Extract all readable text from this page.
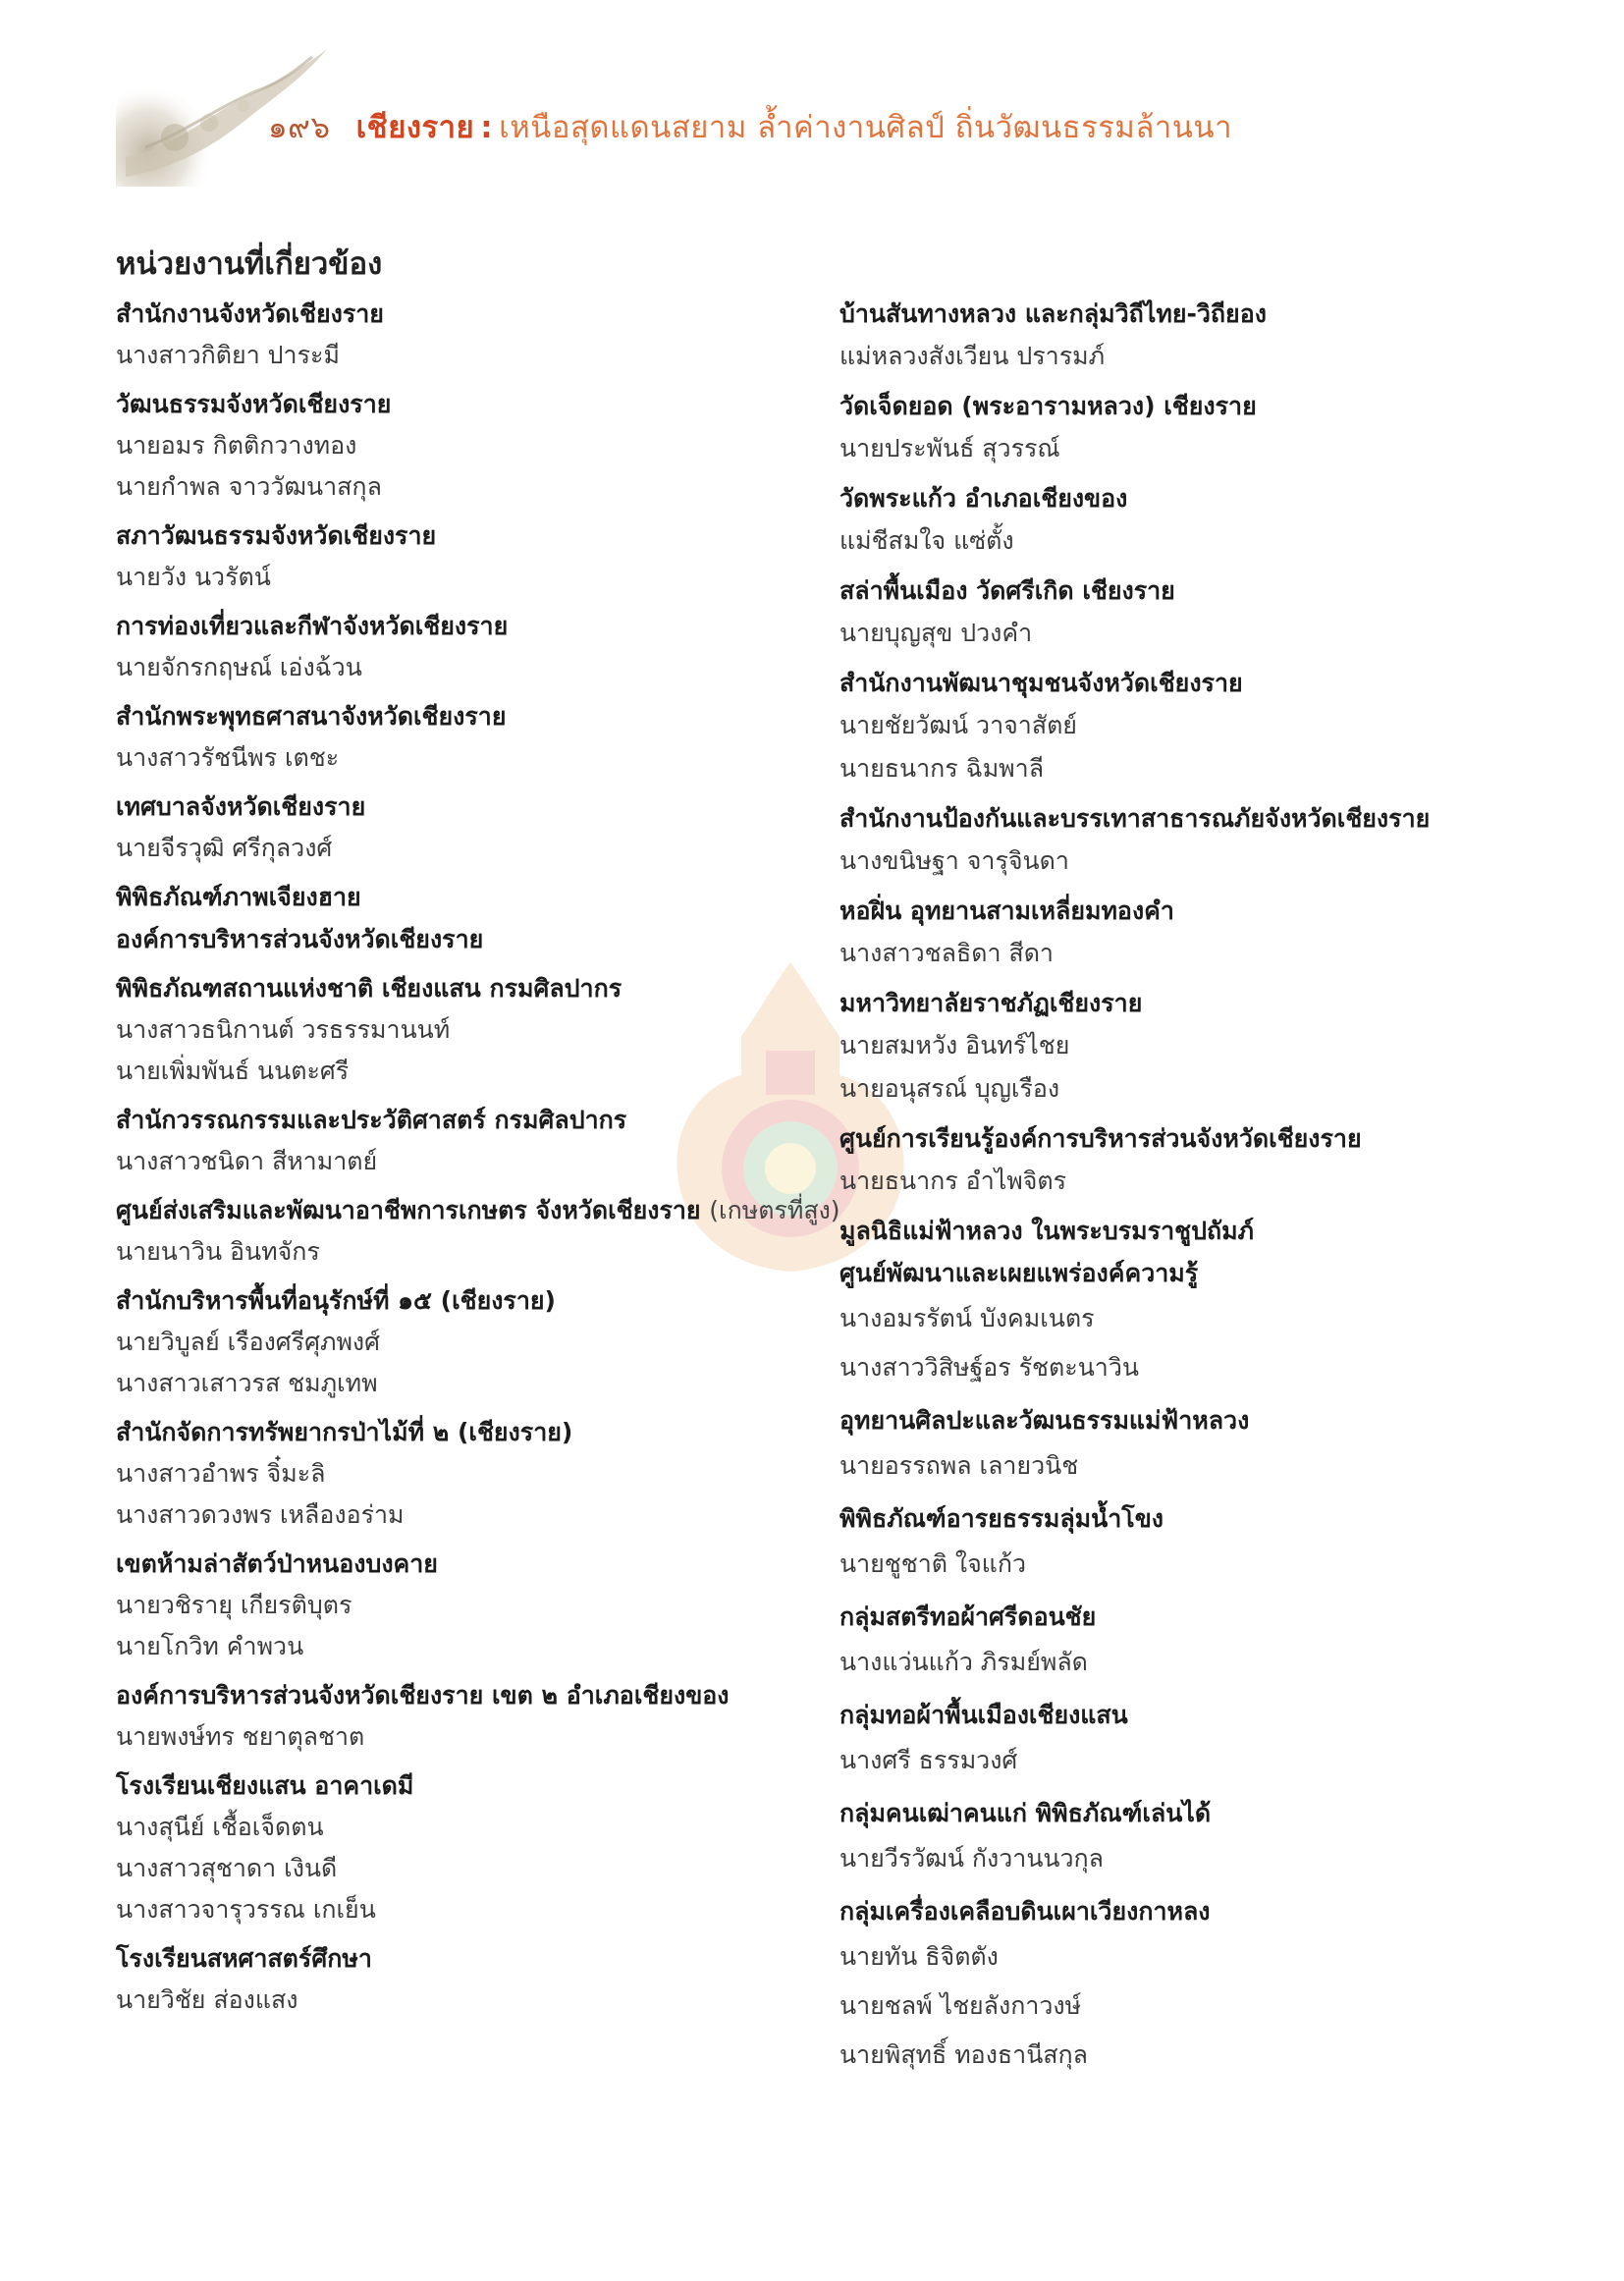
๑๙๖ เชียงราย : เหนือสุดแดนสยาม ล้ำค่างานศิลป์ ถิ่นวัฒนธรรมล้านนา
หน่วยงานที่เกี่ยวข้อง
สำนักงานจังหวัดเชียงราย
นางสาวกิติยา ปาระมี
วัฒนธรรมจังหวัดเชียงราย
นายอมร กิตติกวางทอง
นายกำพล จาววัฒนาสกุล
สภาวัฒนธรรมจังหวัดเชียงราย
นายวัง นวรัตน์
การท่องเที่ยวและกีฬาจังหวัดเชียงราย
นายจักรกฤษณ์ เอ่งฉ้วน
สำนักพระพุทธศาสนาจังหวัดเชียงราย
นางสาวรัชนีพร เตชะ
เทศบาลจังหวัดเชียงราย
นายจีรวุฒิ ศรีกุลวงศ์
พิพิธภัณฑ์ภาพเจียงฮาย
องค์การบริหารส่วนจังหวัดเชียงราย
พิพิธภัณฑสถานแห่งชาติ เชียงแสน กรมศิลปากร
นางสาวธนิกานต์ วรธรรมานนท์
นายเพิ่มพันธ์ นนตะศรี
สำนักวรรณกรรมและประวัติศาสตร์ กรมศิลปากร
นางสาวชนิดา สีหามาตย์
ศูนย์ส่งเสริมและพัฒนาอาชีพการเกษตร จังหวัดเชียงราย (เกษตรที่สูง)
นายนาวิน อินทจักร
สำนักบริหารพื้นที่อนุรักษ์ที่ ๑๕ (เชียงราย)
นายวิบูลย์ เรืองศรีศุภพงศ์
นางสาวเสาวรส ชมภูเทพ
สำนักจัดการทรัพยากรป่าไม้ที่ ๒ (เชียงราย)
นางสาวอำพร จิ๋มะลิ
นางสาวดวงพร เหลืองอร่าม
เขตห้ามล่าสัตว์ป่าหนองบงคาย
นายวชิรายุ เกียรติบุตร
นายโกวิท คำพวน
องค์การบริหารส่วนจังหวัดเชียงราย เขต ๒ อำเภอเชียงของ
นายพงษ์ทร ชยาตุลชาต
โรงเรียนเชียงแสน อาคาเดมี
นางสุนีย์ เชื้อเจ็ดตน
นางสาวสุชาดา เงินดี
นางสาวจารุวรรณ เกเย็น
โรงเรียนสหศาสตร์ศึกษา
นายวิชัย ส่องแสง
บ้านสันทางหลวง และกลุ่มวิถีไทย-วิถียอง
แม่หลวงสังเวียน ปรารมภ์
วัดเจ็ดยอด (พระอารามหลวง) เชียงราย
นายประพันธ์ สุวรรณ์
วัดพระแก้ว อำเภอเชียงของ
แม่ชีสมใจ แซ่ตั้ง
สล่าพื้นเมือง วัดศรีเกิด เชียงราย
นายบุญสุข ปวงคำ
สำนักงานพัฒนาชุมชนจังหวัดเชียงราย
นายชัยวัฒน์ วาจาสัตย์
นายธนากร ฉิมพาลี
สำนักงานป้องกันและบรรเทาสาธารณภัยจังหวัดเชียงราย
นางขนิษฐา จารุจินดา
หอฝิ่น อุทยานสามเหลี่ยมทองคำ
นางสาวชลธิดา สีดา
มหาวิทยาลัยราชภัฏเชียงราย
นายสมหวัง อินทร์ไชย
นายอนุสรณ์ บุญเรือง
ศูนย์การเรียนรู้องค์การบริหารส่วนจังหวัดเชียงราย
นายธนากร อำไพจิตร
มูลนิธิแม่ฟ้าหลวง ในพระบรมราชูปถัมภ์
ศูนย์พัฒนาและเผยแพร่องค์ความรู้
นางอมรรัตน์ บังคมเนตร
นางสาววิสิษฐ์อร รัชตะนาวิน
อุทยานศิลปะและวัฒนธรรมแม่ฟ้าหลวง
นายอรรถพล เลายวนิช
พิพิธภัณฑ์อารยธรรมลุ่มน้ำโขง
นายชูชาติ ใจแก้ว
กลุ่มสตรีทอผ้าศรีดอนชัย
นางแว่นแก้ว ภิรมย์พลัด
กลุ่มทอผ้าพื้นเมืองเชียงแสน
นางศรี ธรรมวงศ์
กลุ่มคนเฒ่าคนแก่ พิพิธภัณฑ์เล่นได้
นายวีรวัฒน์ กังวานนวกุล
กลุ่มเครื่องเคลือบดินเผาเวียงกาหลง
นายทัน ธิจิตตัง
นายชลพ์ ไชยลังกาวงษ์
นายพิสุทธิ์ ทองธานีสกุล
